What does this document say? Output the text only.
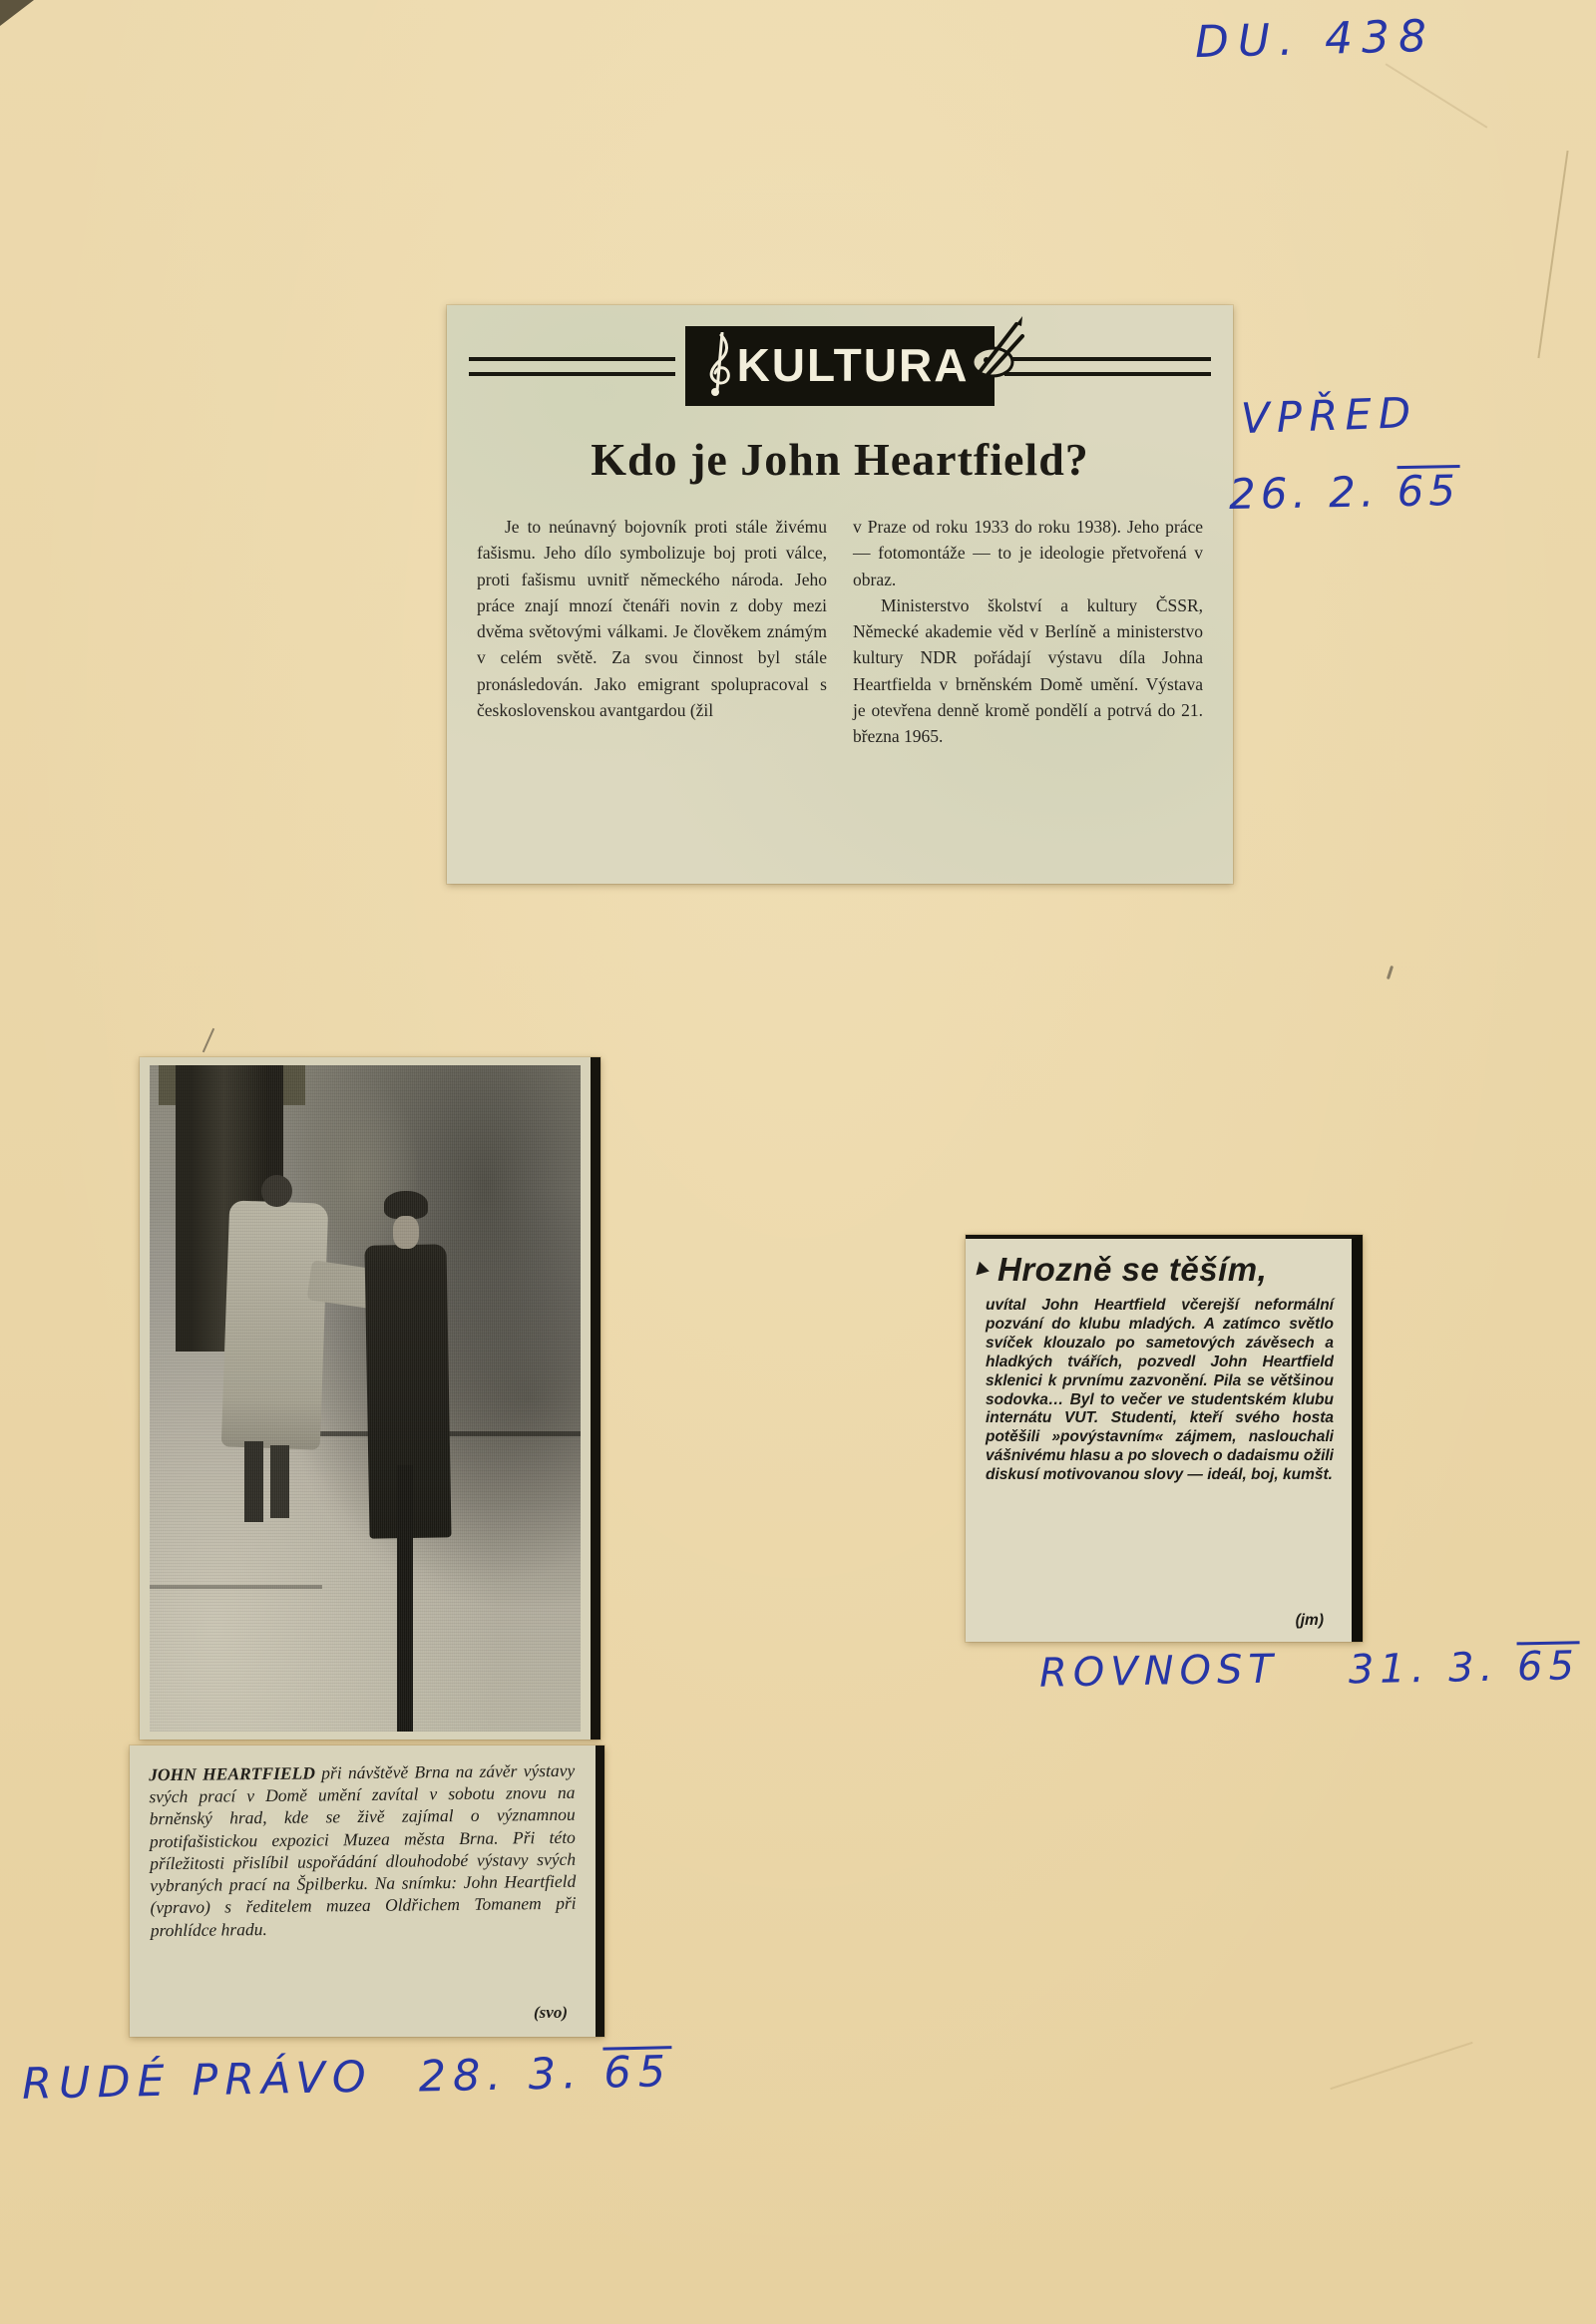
DU. 438
KULTURA
Kdo je John Heartfield?

Je to neúnavný bojovník proti stále živému fašismu. Jeho dílo symbolizuje boj proti válce, proti fašismu uvnitř německého národa. Jeho práce znají mnozí čtenáři novin z doby mezi dvěma světovými válkami. Je člověkem známým v celém světě. Za svou činnost byl stále pronásledován. Jako emigrant spolupracoval s československou avantgardou (žil

v Praze od roku 1933 do roku 1938). Jeho práce — fotomontáže — to je ideologie přetvořená v obraz.

Ministerstvo školství a kultury ČSSR, Německé akademie věd v Berlíně a ministerstvo kultury NDR pořádají výstavu díla Johna Heartfielda v brněnském Domě umění. Výstava je otevřena denně kromě pondělí a potrvá do 21. března 1965.

VPŘED
26. 2. 65

JOHN HEARTFIELD při návštěvě Brna na závěr výstavy svých prací v Domě umění zavítal v sobotu znovu na brněnský hrad, kde se živě zajímal o významnou protifašistickou expozici Muzea města Brna. Při této příležitosti přislíbil uspořádání dlouhodobé výstavy svých vybraných prací na Špilberku. Na snímku: John Heartfield (vpravo) s ředitelem muzea Oldřichem Tomanem při prohlídce hradu.

(svo)
Hrozně se těším,

uvítal John Heartfield včerejší neformální pozvání do klubu mladých. A zatímco světlo svíček klouzalo po sametových závěsech a hladkých tvářích, pozvedl John Heartfield sklenici k prvnímu zazvonění. Pila se většinou sodovka… Byl to večer ve studentském klubu internátu VUT. Studenti, kteří svého hosta potěšili »povýstavním« zájmem, naslouchali vášnivému hlasu a po slovech o dadaismu ožili diskusí motivovanou slovy — ideál, boj, kumšt.

(jm)
ROVNOST 31. 3. 65
RUDÉ PRÁVO 28. 3. 65
